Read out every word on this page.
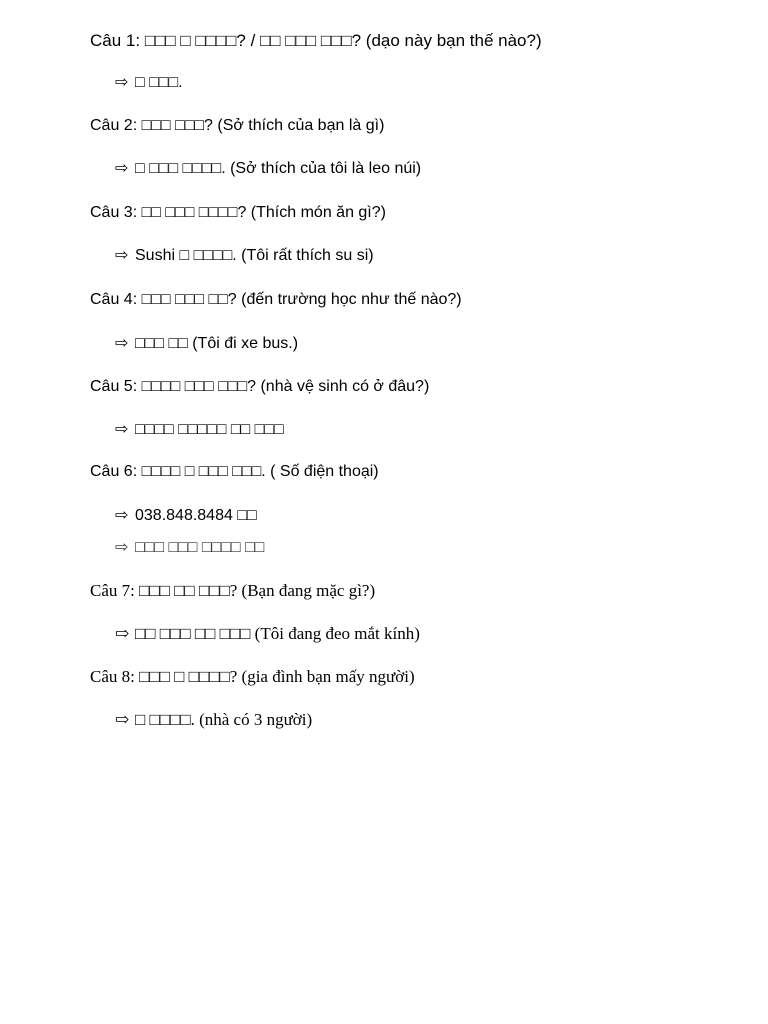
Câu 1: □□□ □ □□□□? / □□ □□□ □□□? (dạo này bạn thế nào?)
⇨ □ □□□.
Câu 2: □□□ □□□? (Sở thích của bạn là gì)
⇨ □ □□□ □□□□. (Sở thích của tôi là leo núi)
Câu 3: □□ □□□ □□□□? (Thích món ăn gì?)
⇨ Sushi □ □□□□. (Tôi rất thích su si)
Câu 4: □□□ □□□ □□? (đến trường học như thế nào?)
⇨ □□□ □□ (Tôi đi xe bus.)
Câu 5: □□□□ □□□ □□□? (nhà vệ sinh có ở đâu?)
⇨ □□□□ □□□□□ □□ □□□
Câu 6: □□□□ □ □□□ □□□. ( Số điện thoại)
⇨ 038.848.8484 □□
⇨ □□□ □□□ □□□□ □□
Câu 7: □□□ □□ □□□? (Bạn đang mặc gì?)
⇨ □□ □□□ □□ □□□ (Tôi đang đeo mắt kính)
Câu 8: □□□ □ □□□□? (gia đình bạn mấy người)
⇨ □ □□□□. (nhà có 3 người)
